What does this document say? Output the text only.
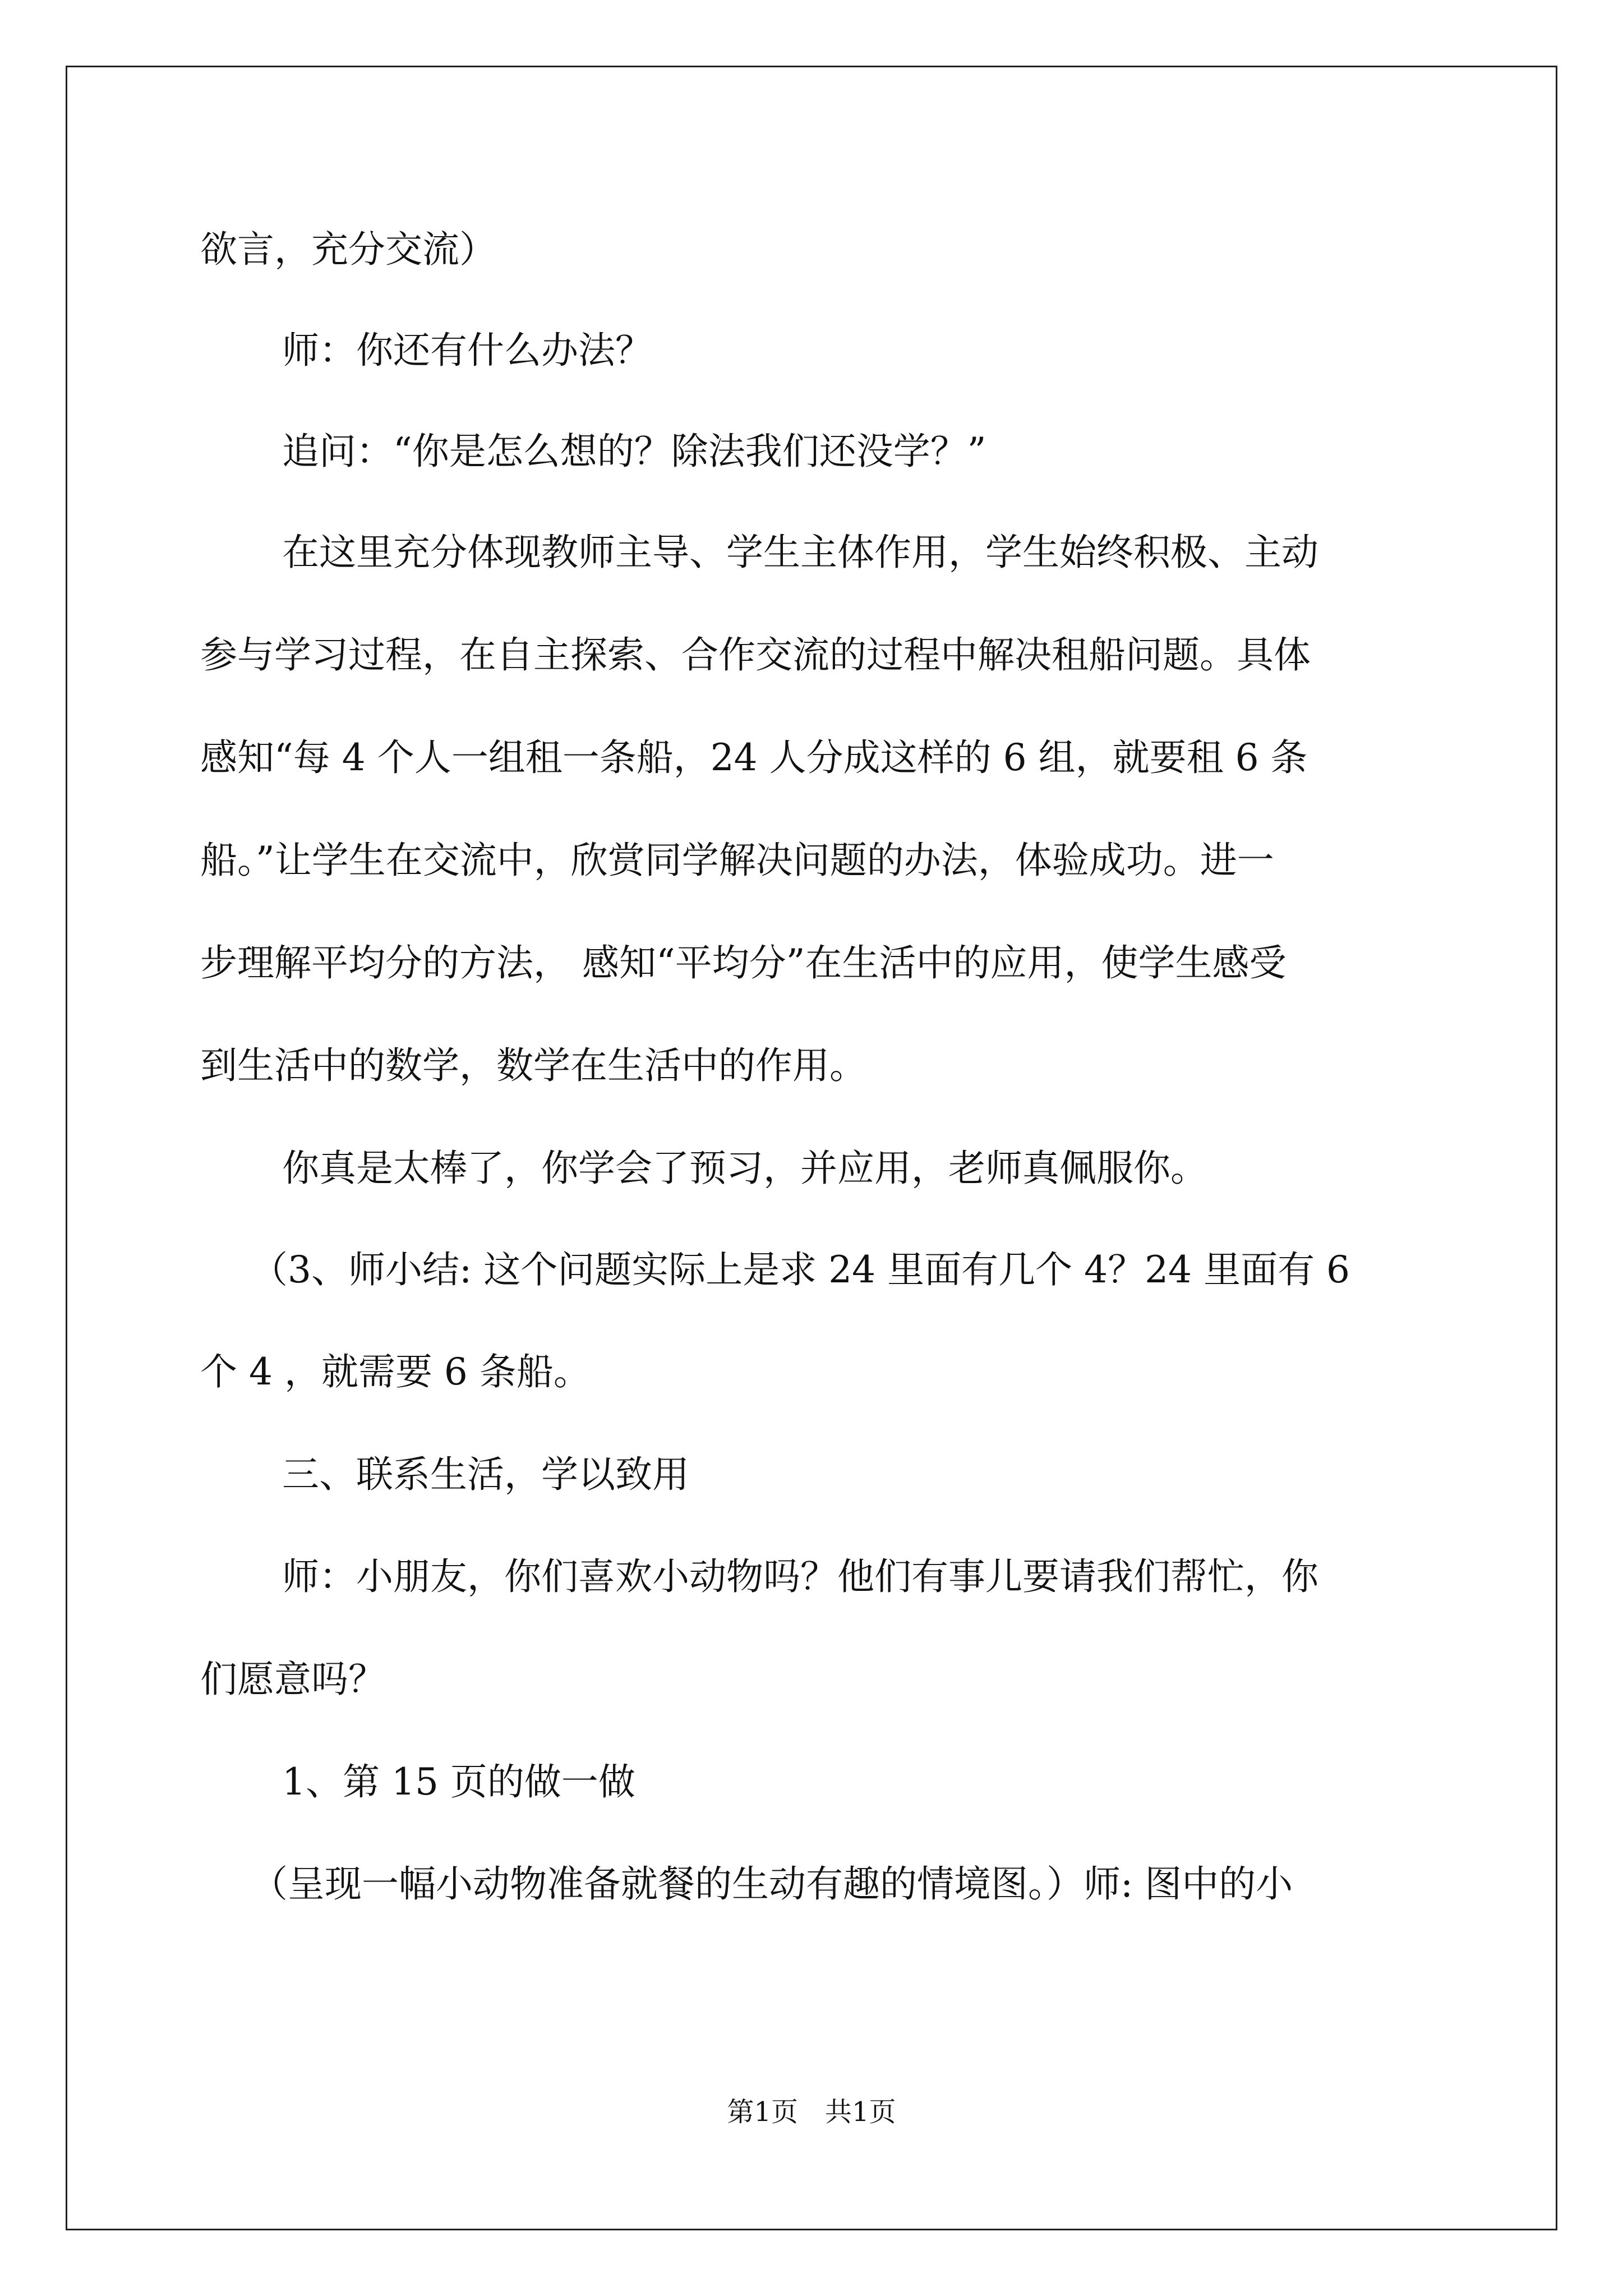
欲言，充分交流）
师：你还有什么办法？
追问：“你是怎么想的？除法我们还没学？”
在这里充分体现教师主导、学生主体作用，学生始终积极、主动
参与学习过程，在自主探索、合作交流的过程中解决租船问题。具体
感知“每 4 个人一组租一条船，24 人分成这样的 6 组，就要租 6 条
船。”让学生在交流中，欣赏同学解决问题的办法，体验成功。进一
步理解平均分的方法， 感知“平均分”在生活中的应用，使学生感受
到生活中的数学，数学在生活中的作用。
你真是太棒了，你学会了预习，并应用，老师真佩服你。
（3、师小结: 这个问题实际上是求 24 里面有几个 4？24 里面有 6
个 4 ，就需要 6 条船。
三、联系生活，学以致用
师：小朋友，你们喜欢小动物吗？他们有事儿要请我们帮忙，你
们愿意吗？
1、第 15 页的做一做
（呈现一幅小动物准备就餐的生动有趣的情境图。）师: 图中的小
第1页　共1页
